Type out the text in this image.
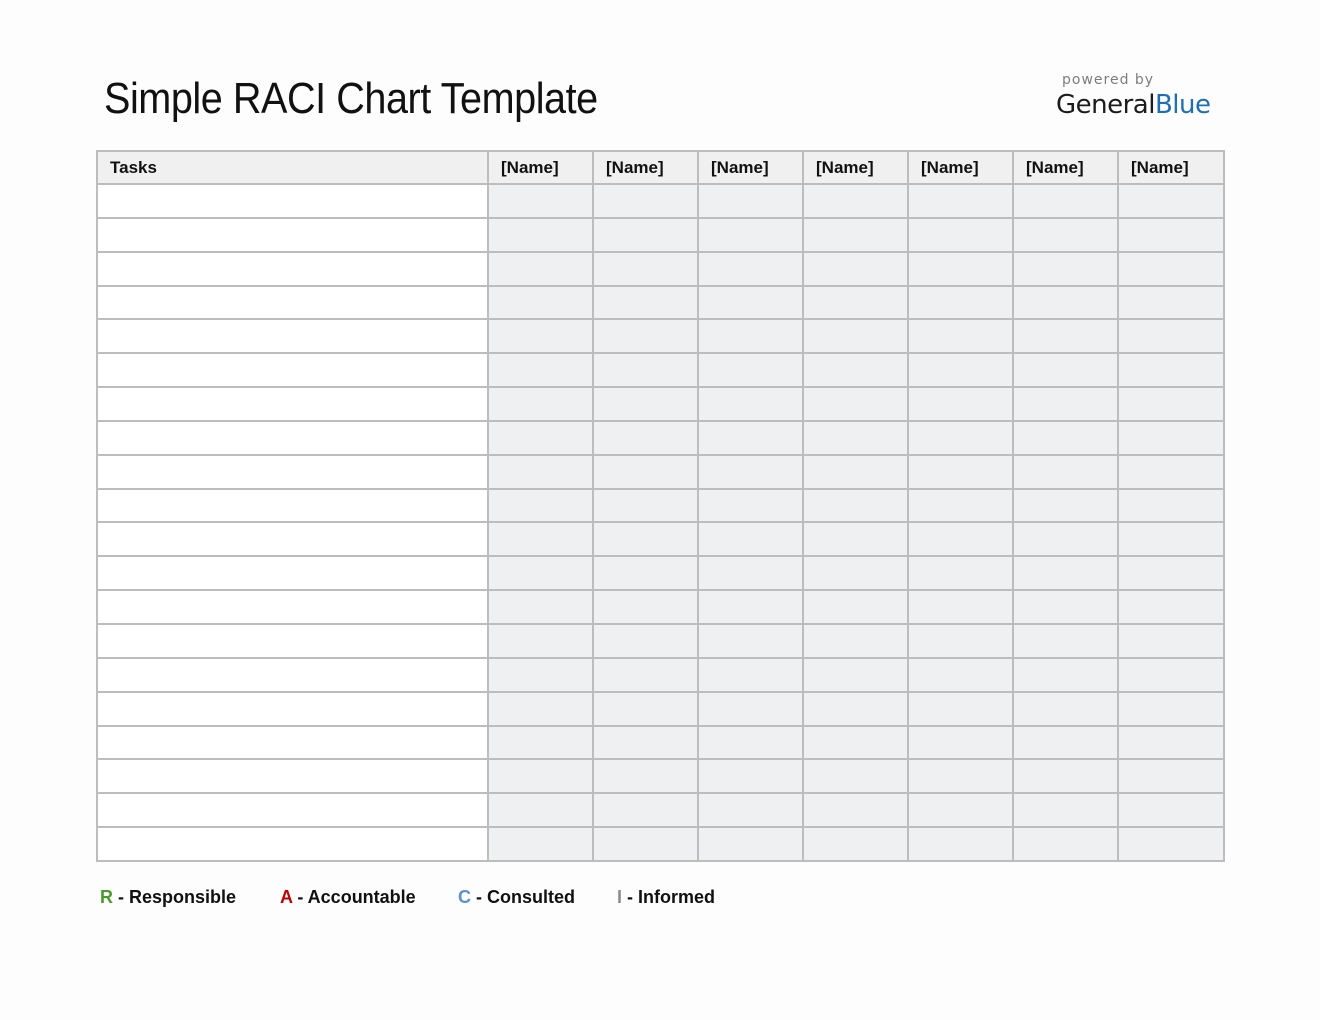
Simple RACI Chart Template	powered by
GeneralBlue
Tasks	[Name]	[Name]	[Name]	[Name]	[Name]	[Name]	[Name]

R - Responsible A - Accountable C - Consulted I - Informed
